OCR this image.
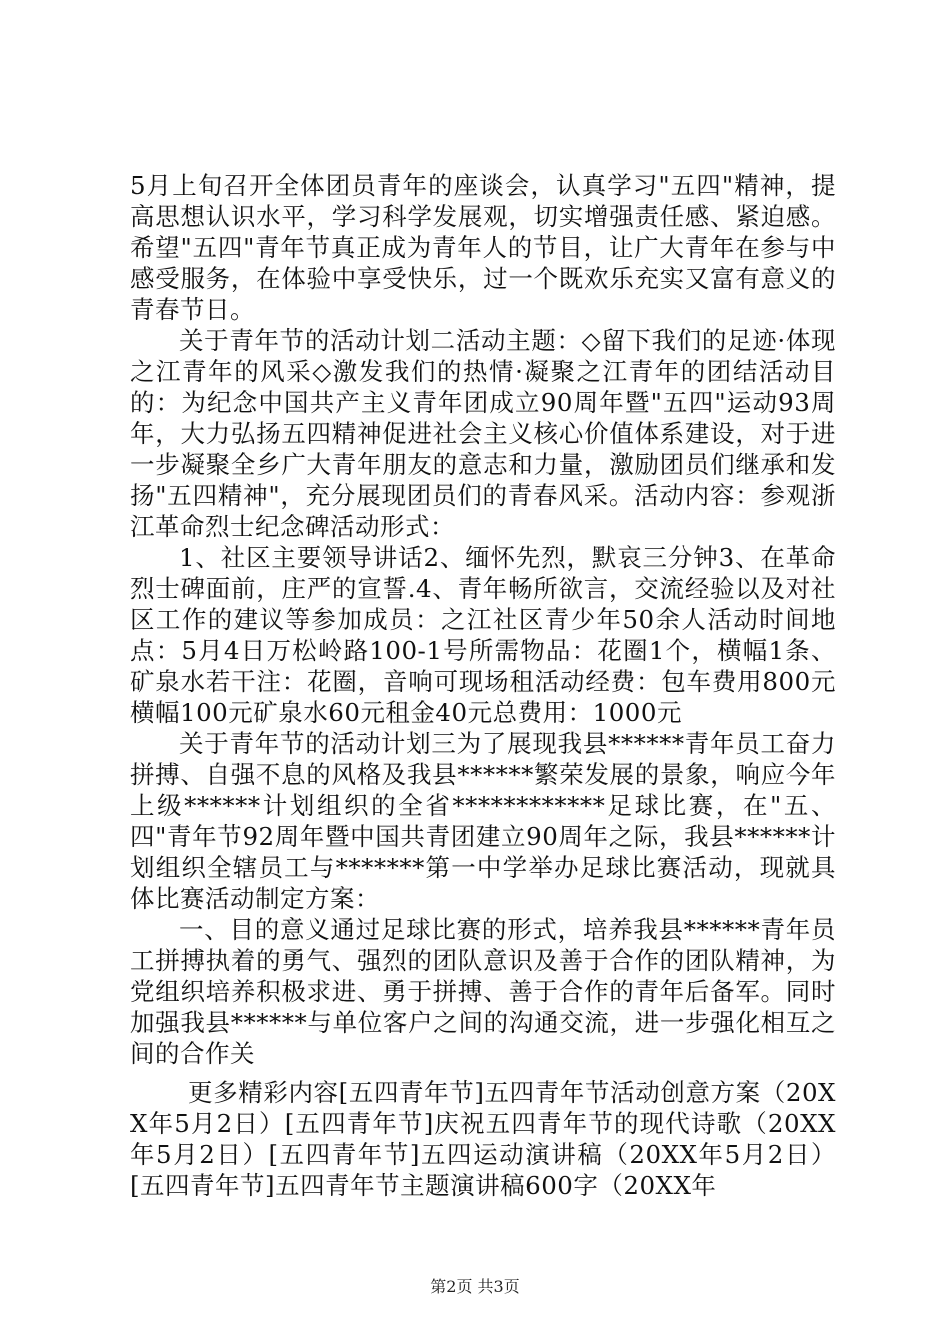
5月上旬召开全体团员青年的座谈会，认真学习"五四"精神，提高思想认识水平，学习科学发展观，切实增强责任感、紧迫感。希望"五四"青年节真正成为青年人的节目，让广大青年在参与中感受服务，在体验中享受快乐，过一个既欢乐充实又富有意义的青春节日。

关于青年节的活动计划二活动主题：◇留下我们的足迹·体现之江青年的风采◇激发我们的热情·凝聚之江青年的团结活动目的：为纪念中国共产主义青年团成立90周年暨"五四"运动93周年，大力弘扬五四精神促进社会主义核心价值体系建设，对于进一步凝聚全乡广大青年朋友的意志和力量，激励团员们继承和发扬"五四精神"，充分展现团员们的青春风采。活动内容：参观浙江革命烈士纪念碑活动形式：

1、社区主要领导讲话2、缅怀先烈，默哀三分钟3、在革命烈士碑面前，庄严的宣誓.4、青年畅所欲言，交流经验以及对社区工作的建议等参加成员：之江社区青少年50余人活动时间地点：5月4日万松岭路100-1号所需物品：花圈1个，横幅1条、矿泉水若干注：花圈，音响可现场租活动经费：包车费用800元横幅100元矿泉水60元租金40元总费用：1000元

关于青年节的活动计划三为了展现我县******青年员工奋力拼搏、自强不息的风格及我县******繁荣发展的景象，响应今年上级******计划组织的全省************足球比赛，在"五、四"青年节92周年暨中国共青团建立90周年之际，我县******计划组织全辖员工与*******第一中学举办足球比赛活动，现就具体比赛活动制定方案：

一、目的意义通过足球比赛的形式，培养我县******青年员工拼搏执着的勇气、强烈的团队意识及善于合作的团队精神，为党组织培养积极求进、勇于拼搏、善于合作的青年后备军。同时加强我县******与单位客户之间的沟通交流，进一步强化相互之间的合作关

更多精彩内容[五四青年节]五四青年节活动创意方案（20XX年5月2日）[五四青年节]庆祝五四青年节的现代诗歌（20XX年5月2日）[五四青年节]五四运动演讲稿（20XX年5月2日）[五四青年节]五四青年节主题演讲稿600字（20XX年

第2页 共3页
